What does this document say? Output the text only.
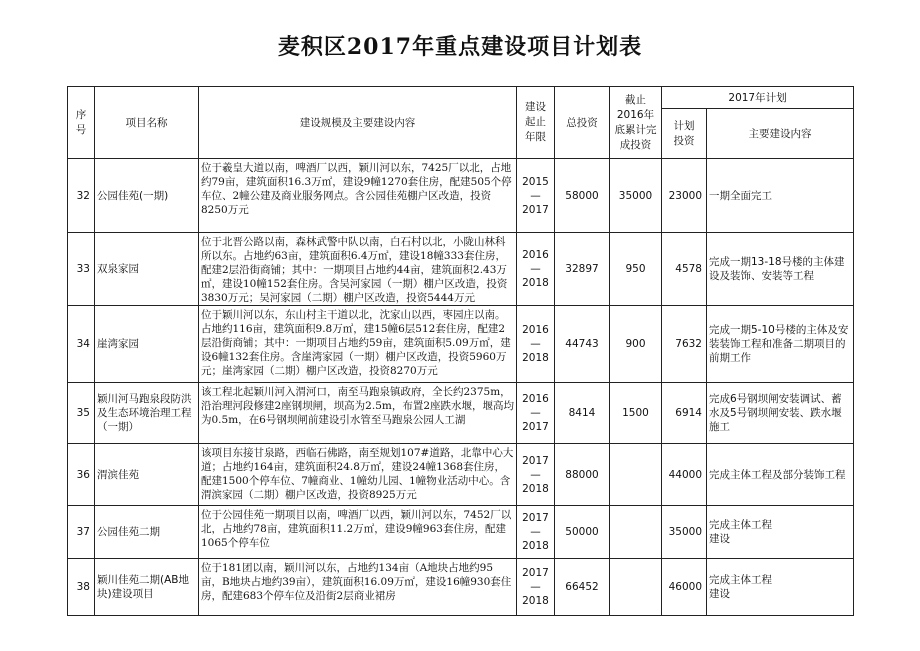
麦积区2017年重点建设项目计划表
序号	项目名称	建设规模及主要建设内容	建设起止年限	总投资	截止2016年底累计完成投资	2017年计划	

						计划投资	主要建设内容
32	公园佳苑(一期)	位于羲皇大道以南，啤酒厂以西，颖川河以东，7425厂以北，占地约79亩，建筑面积16.3万㎡，建设9幢1270套住房，配建505个停车位、2幢公建及商业服务网点。含公园佳苑棚户区改造，投资8250万元	2015
—
2017	58000	35000	23000	一期全面完工
33	双泉家园	位于北晋公路以南，森林武警中队以南，白石村以北，小陇山林科所以东。占地约63亩，建筑面积6.4万㎡，建设18幢333套住房，配建2层沿街商铺；其中：一期项目占地约44亩，建筑面积2.43万㎡，建设10幢152套住房。含吴河家园（一期）棚户区改造，投资3830万元；吴河家园（二期）棚户区改造，投资5444万元	2016
—
2018	32897	950	4578	完成一期13-18号楼的主体建设及装饰、安装等工程
34	崖湾家园	位于颖川河以东，东山村主干道以北，沈家山以西，枣园庄以南。占地约116亩，建筑面积9.8万㎡，建15幢6层512套住房，配建2层沿街商铺；其中：一期项目占地约59亩，建筑面积5.09万㎡，建设6幢132套住房。含崖湾家园（一期）棚户区改造，投资5960万元；崖湾家园（二期）棚户区改造，投资8270万元	2016
—
2018	44743	900	7632	完成一期5-10号楼的主体及安装装饰工程和准备二期项目的前期工作
35	颖川河马跑泉段防洪及生态环境治理工程（一期）	该工程北起颖川河入渭河口，南至马跑泉镇政府，全长约2375m，沿治理河段修建2座钢坝闸，坝高为2.5m，布置2座跌水堰，堰高均为0.5m，在6号钢坝闸前建设引水管至马跑泉公园人工湖	2016
—
2017	8414	1500	6914	完成6号钢坝闸安装调试、蓄水及5号钢坝闸安装、跌水堰施工
36	渭滨佳苑	该项目东接甘泉路，西临石佛路，南至规划107#道路，北靠中心大道；占地约164亩，建筑面积24.8万㎡，建设24幢1368套住房，配建1500个停车位、7幢商业、1幢幼儿园、1幢物业活动中心。含渭滨家园（二期）棚户区改造，投资8925万元	2017
—
2018	88000		44000	完成主体工程及部分装饰工程
37	公园佳苑二期	位于公园佳苑一期项目以南，啤酒厂以西，颖川河以东，7452厂以北，占地约78亩，建筑面积11.2万㎡，建设9幢963套住房，配建1065个停车位	2017
—
2018	50000		35000	完成主体工程
建设
38	颖川佳苑二期(AB地块)建设项目	位于181团以南，颖川河以东，占地约134亩（A地块占地约95亩，B地块占地约39亩），建筑面积16.09万㎡，建设16幢930套住房，配建683个停车位及沿街2层商业裙房	2017
—
2018	66452		46000	完成主体工程
建设
